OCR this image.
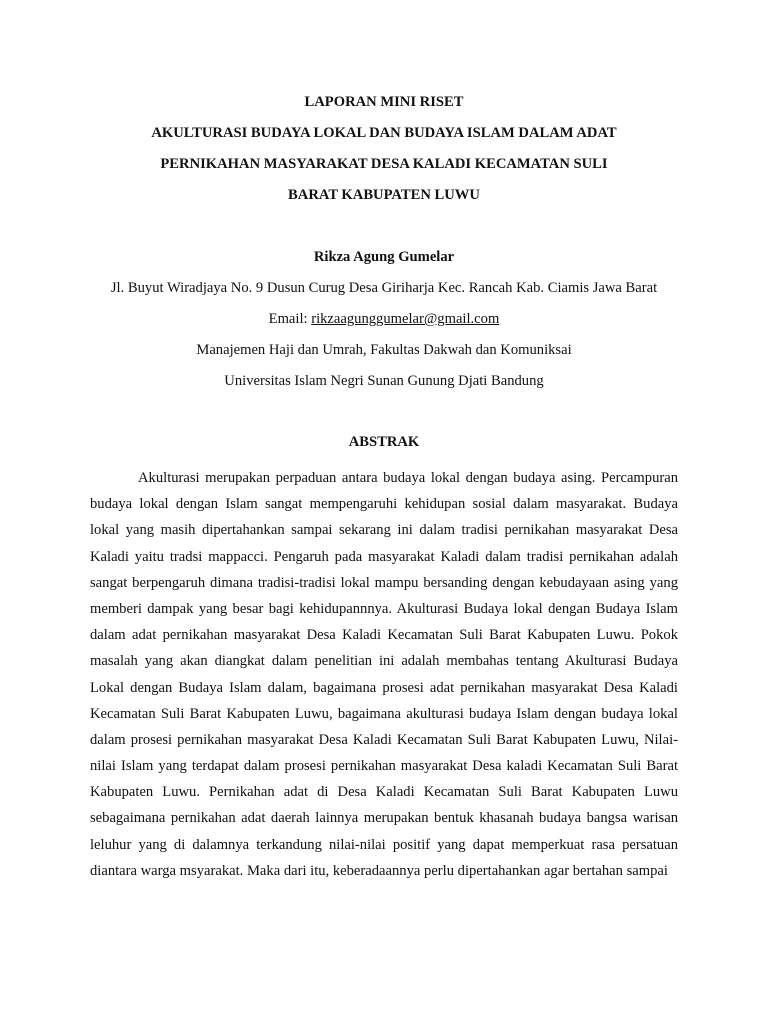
LAPORAN MINI RISET
AKULTURASI BUDAYA LOKAL DAN BUDAYA ISLAM DALAM ADAT
PERNIKAHAN MASYARAKAT DESA KALADI KECAMATAN SULI
BARAT KABUPATEN LUWU
Rikza Agung Gumelar
Jl. Buyut Wiradjaya No. 9 Dusun Curug Desa Giriharja Kec. Rancah Kab. Ciamis Jawa Barat
Email: rikzaagunggumelar@gmail.com
Manajemen Haji dan Umrah, Fakultas Dakwah dan Komuniksai
Universitas Islam Negri Sunan Gunung Djati Bandung
ABSTRAK
Akulturasi merupakan perpaduan antara budaya lokal dengan budaya asing. Percampuran
budaya lokal dengan Islam sangat mempengaruhi kehidupan sosial dalam masyarakat. Budaya
lokal yang masih dipertahankan sampai sekarang ini dalam tradisi pernikahan masyarakat Desa
Kaladi yaitu tradsi mappacci. Pengaruh pada masyarakat Kaladi dalam tradisi pernikahan adalah
sangat berpengaruh dimana tradisi-tradisi lokal mampu bersanding dengan kebudayaan asing yang
memberi dampak yang besar bagi kehidupannnya. Akulturasi Budaya lokal dengan Budaya Islam
dalam adat pernikahan masyarakat Desa Kaladi Kecamatan Suli Barat Kabupaten Luwu. Pokok
masalah yang akan diangkat dalam penelitian ini adalah membahas tentang Akulturasi Budaya
Lokal dengan Budaya Islam dalam, bagaimana prosesi adat pernikahan masyarakat Desa Kaladi
Kecamatan Suli Barat Kabupaten Luwu, bagaimana akulturasi budaya Islam dengan budaya lokal
dalam prosesi pernikahan masyarakat Desa Kaladi Kecamatan Suli Barat Kabupaten Luwu, Nilai-
nilai Islam yang terdapat dalam prosesi pernikahan masyarakat Desa kaladi Kecamatan Suli Barat
Kabupaten Luwu. Pernikahan adat di Desa Kaladi Kecamatan Suli Barat Kabupaten Luwu
sebagaimana pernikahan adat daerah lainnya merupakan bentuk khasanah budaya bangsa warisan
leluhur yang di dalamnya terkandung nilai-nilai positif yang dapat memperkuat rasa persatuan
diantara warga msyarakat. Maka dari itu, keberadaannya perlu dipertahankan agar bertahan sampai
